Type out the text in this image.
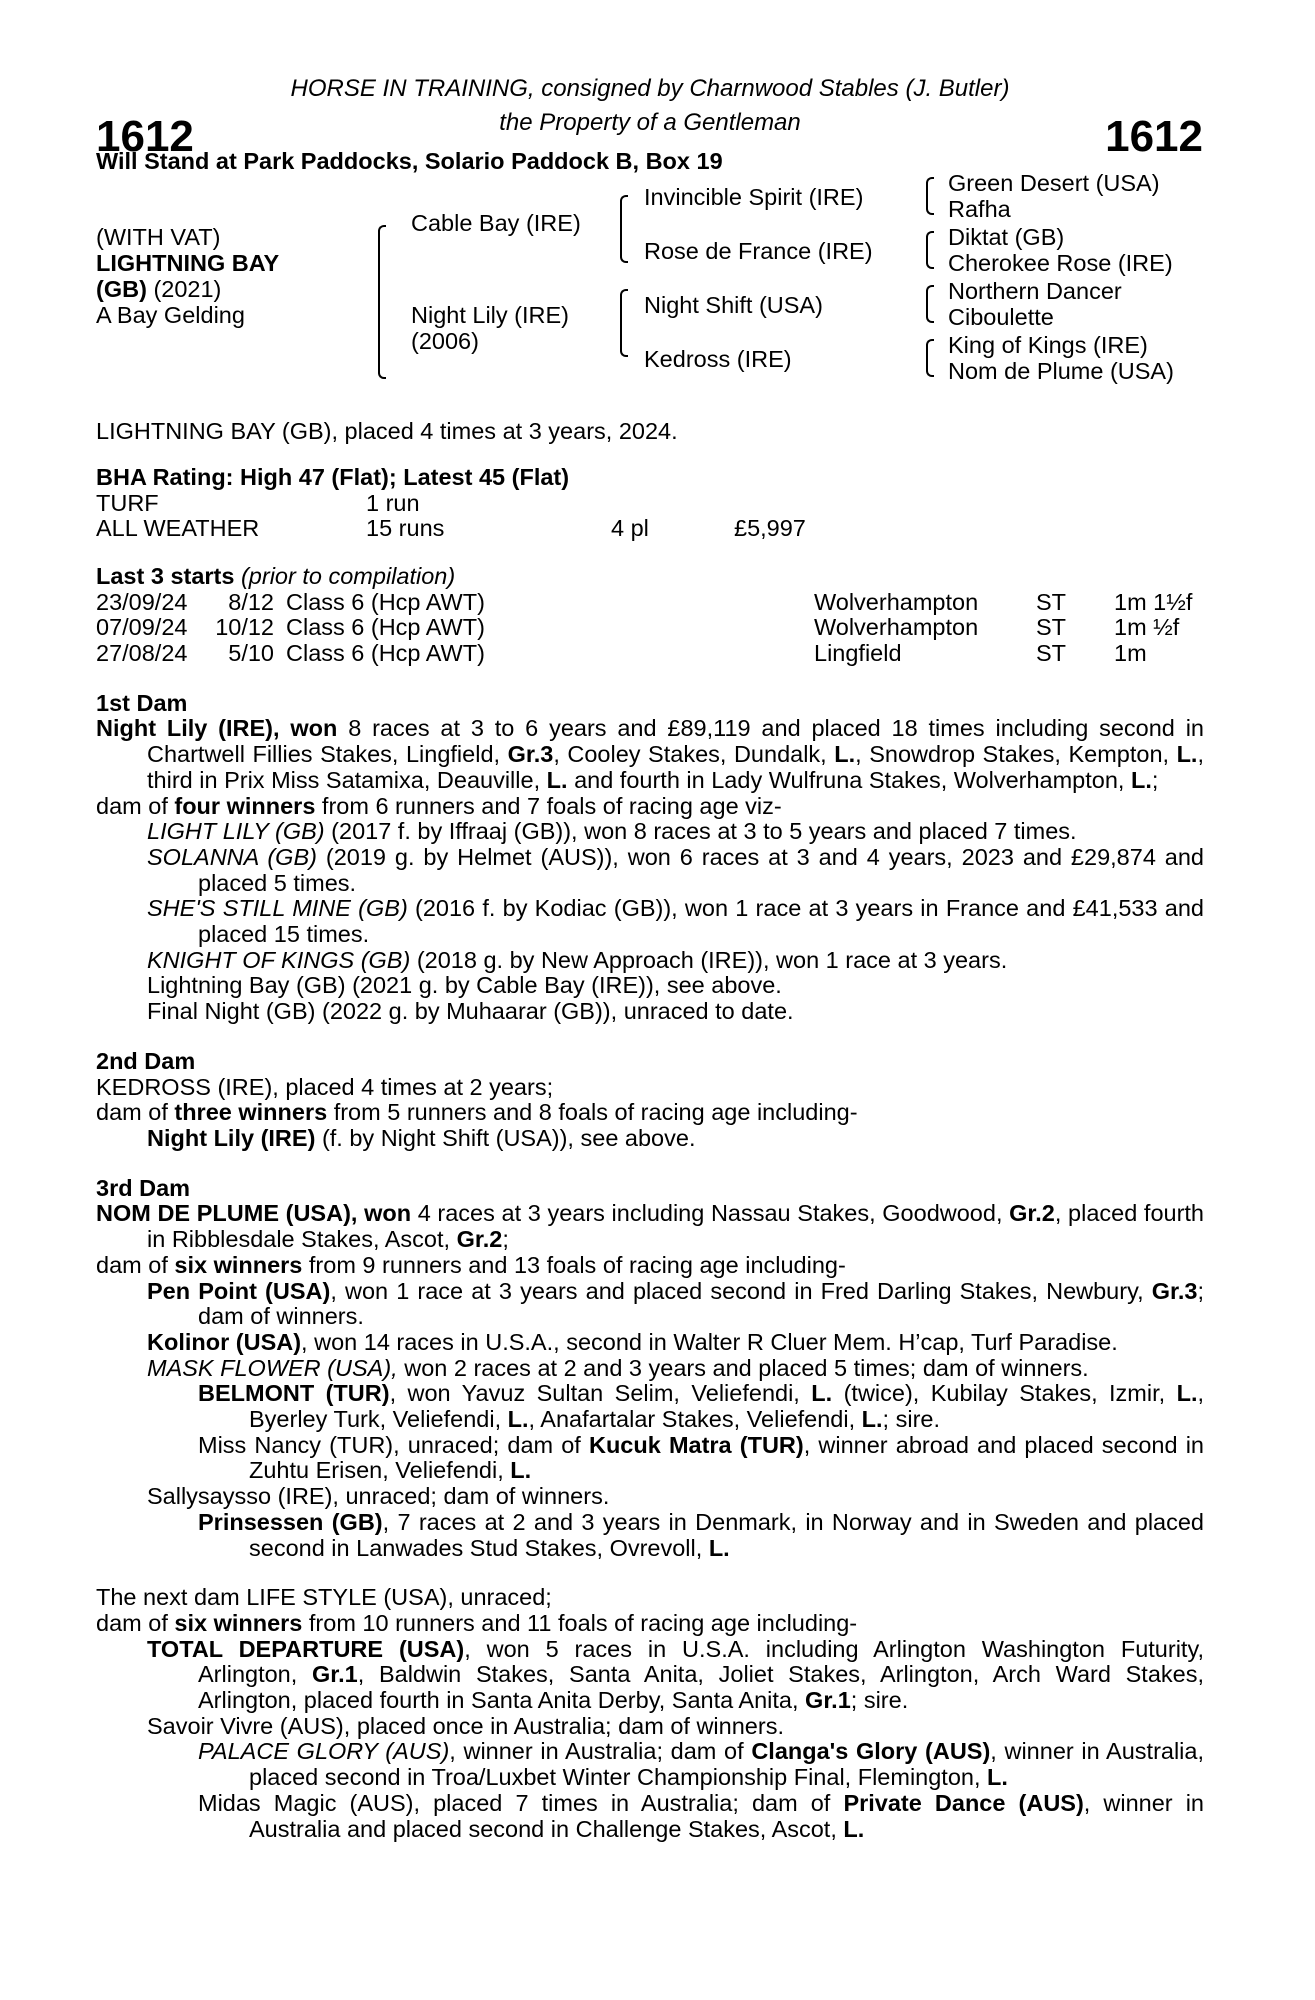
1612	1612
HORSE IN TRAINING, consigned by Charnwood Stables (J. Butler)
the Property of a Gentleman
Will Stand at Park Paddocks, Solario Paddock B, Box 19
(WITH VAT)
LIGHTNING BAY
(GB) (2021)
A Bay Gelding
Cable Bay (IRE)
Night Lily (IRE)
(2006)
Invincible Spirit (IRE)
Rose de France (IRE)
Night Shift (USA)
Kedross (IRE)
Green Desert (USA)
Rafha
Diktat (GB)
Cherokee Rose (IRE)
Northern Dancer
Ciboulette
King of Kings (IRE)
Nom de Plume (USA)
LIGHTNING BAY (GB), placed 4 times at 3 years, 2024.
BHA Rating: High 47 (Flat); Latest 45 (Flat)
TURF	1 run
ALL WEATHER	15 runs	4 pl	£5,997
Last 3 starts (prior to compilation)
23/09/24	8/12 Class 6 (Hcp AWT)	Wolverhampton	ST	1m 1½f
07/09/24	10/12 Class 6 (Hcp AWT)	Wolverhampton	ST	1m ½f
27/08/24	5/10 Class 6 (Hcp AWT)	Lingfield	ST	1m
1st Dam

Night Lily (IRE), won 8 races at 3 to 6 years and £89,119 and placed 18 times including second in Chartwell Fillies Stakes, Lingfield, Gr.3, Cooley Stakes, Dundalk, L., Snowdrop Stakes, Kempton, L., third in Prix Miss Satamixa, Deauville, L. and fourth in Lady Wulfruna Stakes, Wolverhampton, L.;

dam of four winners from 6 runners and 7 foals of racing age viz-

LIGHT LILY (GB) (2017 f. by Iffraaj (GB)), won 8 races at 3 to 5 years and placed 7 times.

SOLANNA (GB) (2019 g. by Helmet (AUS)), won 6 races at 3 and 4 years, 2023 and £29,874 and placed 5 times.

SHE'S STILL MINE (GB) (2016 f. by Kodiac (GB)), won 1 race at 3 years in France and £41,533 and placed 15 times.

KNIGHT OF KINGS (GB) (2018 g. by New Approach (IRE)), won 1 race at 3 years.

Lightning Bay (GB) (2021 g. by Cable Bay (IRE)), see above.

Final Night (GB) (2022 g. by Muhaarar (GB)), unraced to date.

2nd Dam

KEDROSS (IRE), placed 4 times at 2 years;

dam of three winners from 5 runners and 8 foals of racing age including-

Night Lily (IRE) (f. by Night Shift (USA)), see above.

3rd Dam

NOM DE PLUME (USA), won 4 races at 3 years including Nassau Stakes, Goodwood, Gr.2, placed fourth in Ribblesdale Stakes, Ascot, Gr.2;

dam of six winners from 9 runners and 13 foals of racing age including-

Pen Point (USA), won 1 race at 3 years and placed second in Fred Darling Stakes, Newbury, Gr.3; dam of winners.

Kolinor (USA), won 14 races in U.S.A., second in Walter R Cluer Mem. H’cap, Turf Paradise.

MASK FLOWER (USA), won 2 races at 2 and 3 years and placed 5 times; dam of winners.

BELMONT (TUR), won Yavuz Sultan Selim, Veliefendi, L. (twice), Kubilay Stakes, Izmir, L., Byerley Turk, Veliefendi, L., Anafartalar Stakes, Veliefendi, L.; sire.

Miss Nancy (TUR), unraced; dam of Kucuk Matra (TUR), winner abroad and placed second in Zuhtu Erisen, Veliefendi, L.

Sallysaysso (IRE), unraced; dam of winners.

Prinsessen (GB), 7 races at 2 and 3 years in Denmark, in Norway and in Sweden and placed second in Lanwades Stud Stakes, Ovrevoll, L.

The next dam LIFE STYLE (USA), unraced;

dam of six winners from 10 runners and 11 foals of racing age including-

TOTAL DEPARTURE (USA), won 5 races in U.S.A. including Arlington Washington Futurity, Arlington, Gr.1, Baldwin Stakes, Santa Anita, Joliet Stakes, Arlington, Arch Ward Stakes, Arlington, placed fourth in Santa Anita Derby, Santa Anita, Gr.1; sire.

Savoir Vivre (AUS), placed once in Australia; dam of winners.

PALACE GLORY (AUS), winner in Australia; dam of Clanga's Glory (AUS), winner in Australia, placed second in Troa/Luxbet Winter Championship Final, Flemington, L.

Midas Magic (AUS), placed 7 times in Australia; dam of Private Dance (AUS), winner in Australia and placed second in Challenge Stakes, Ascot, L.
